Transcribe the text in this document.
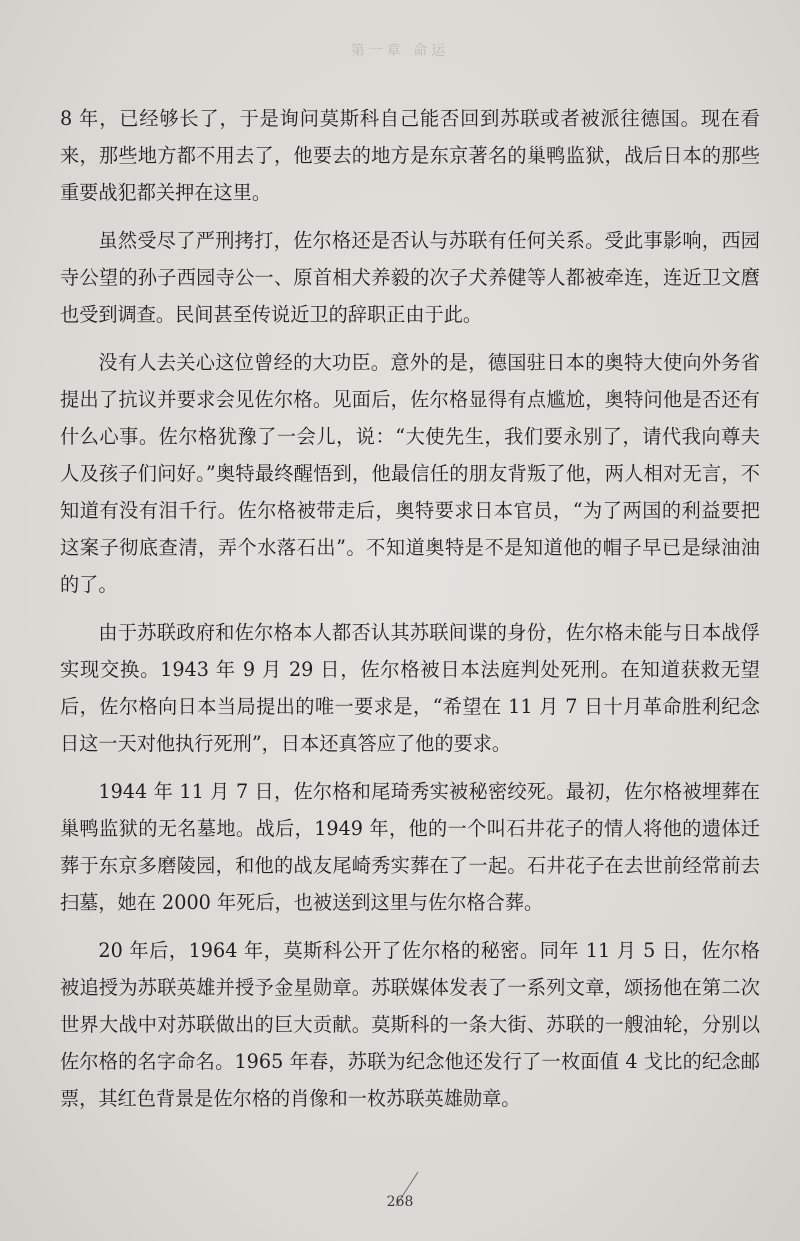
第一章 命运

8 年，已经够长了，于是询问莫斯科自己能否回到苏联或者被派往德国。现在看来，那些地方都不用去了，他要去的地方是东京著名的巢鸭监狱，战后日本的那些重要战犯都关押在这里。

虽然受尽了严刑拷打，佐尔格还是否认与苏联有任何关系。受此事影响，西园寺公望的孙子西园寺公一、原首相犬养毅的次子犬养健等人都被牵连，连近卫文麿也受到调查。民间甚至传说近卫的辞职正由于此。

没有人去关心这位曾经的大功臣。意外的是，德国驻日本的奥特大使向外务省提出了抗议并要求会见佐尔格。见面后，佐尔格显得有点尴尬，奥特问他是否还有什么心事。佐尔格犹豫了一会儿，说：“大使先生，我们要永别了，请代我向尊夫人及孩子们问好。”奥特最终醒悟到，他最信任的朋友背叛了他，两人相对无言，不知道有没有泪千行。佐尔格被带走后，奥特要求日本官员，“为了两国的利益要把这案子彻底查清，弄个水落石出”。不知道奥特是不是知道他的帽子早已是绿油油的了。

由于苏联政府和佐尔格本人都否认其苏联间谍的身份，佐尔格未能与日本战俘实现交换。1943 年 9 月 29 日，佐尔格被日本法庭判处死刑。在知道获救无望后，佐尔格向日本当局提出的唯一要求是，“希望在 11 月 7 日十月革命胜利纪念日这一天对他执行死刑”，日本还真答应了他的要求。

1944 年 11 月 7 日，佐尔格和尾琦秀实被秘密绞死。最初，佐尔格被埋葬在巢鸭监狱的无名墓地。战后，1949 年，他的一个叫石井花子的情人将他的遗体迁葬于东京多磨陵园，和他的战友尾崎秀实葬在了一起。石井花子在去世前经常前去扫墓，她在 2000 年死后，也被送到这里与佐尔格合葬。

20 年后，1964 年，莫斯科公开了佐尔格的秘密。同年 11 月 5 日，佐尔格被追授为苏联英雄并授予金星勋章。苏联媒体发表了一系列文章，颂扬他在第二次世界大战中对苏联做出的巨大贡献。莫斯科的一条大街、苏联的一艘油轮，分别以佐尔格的名字命名。1965 年春，苏联为纪念他还发行了一枚面值 4 戈比的纪念邮票，其红色背景是佐尔格的肖像和一枚苏联英雄勋章。

268
